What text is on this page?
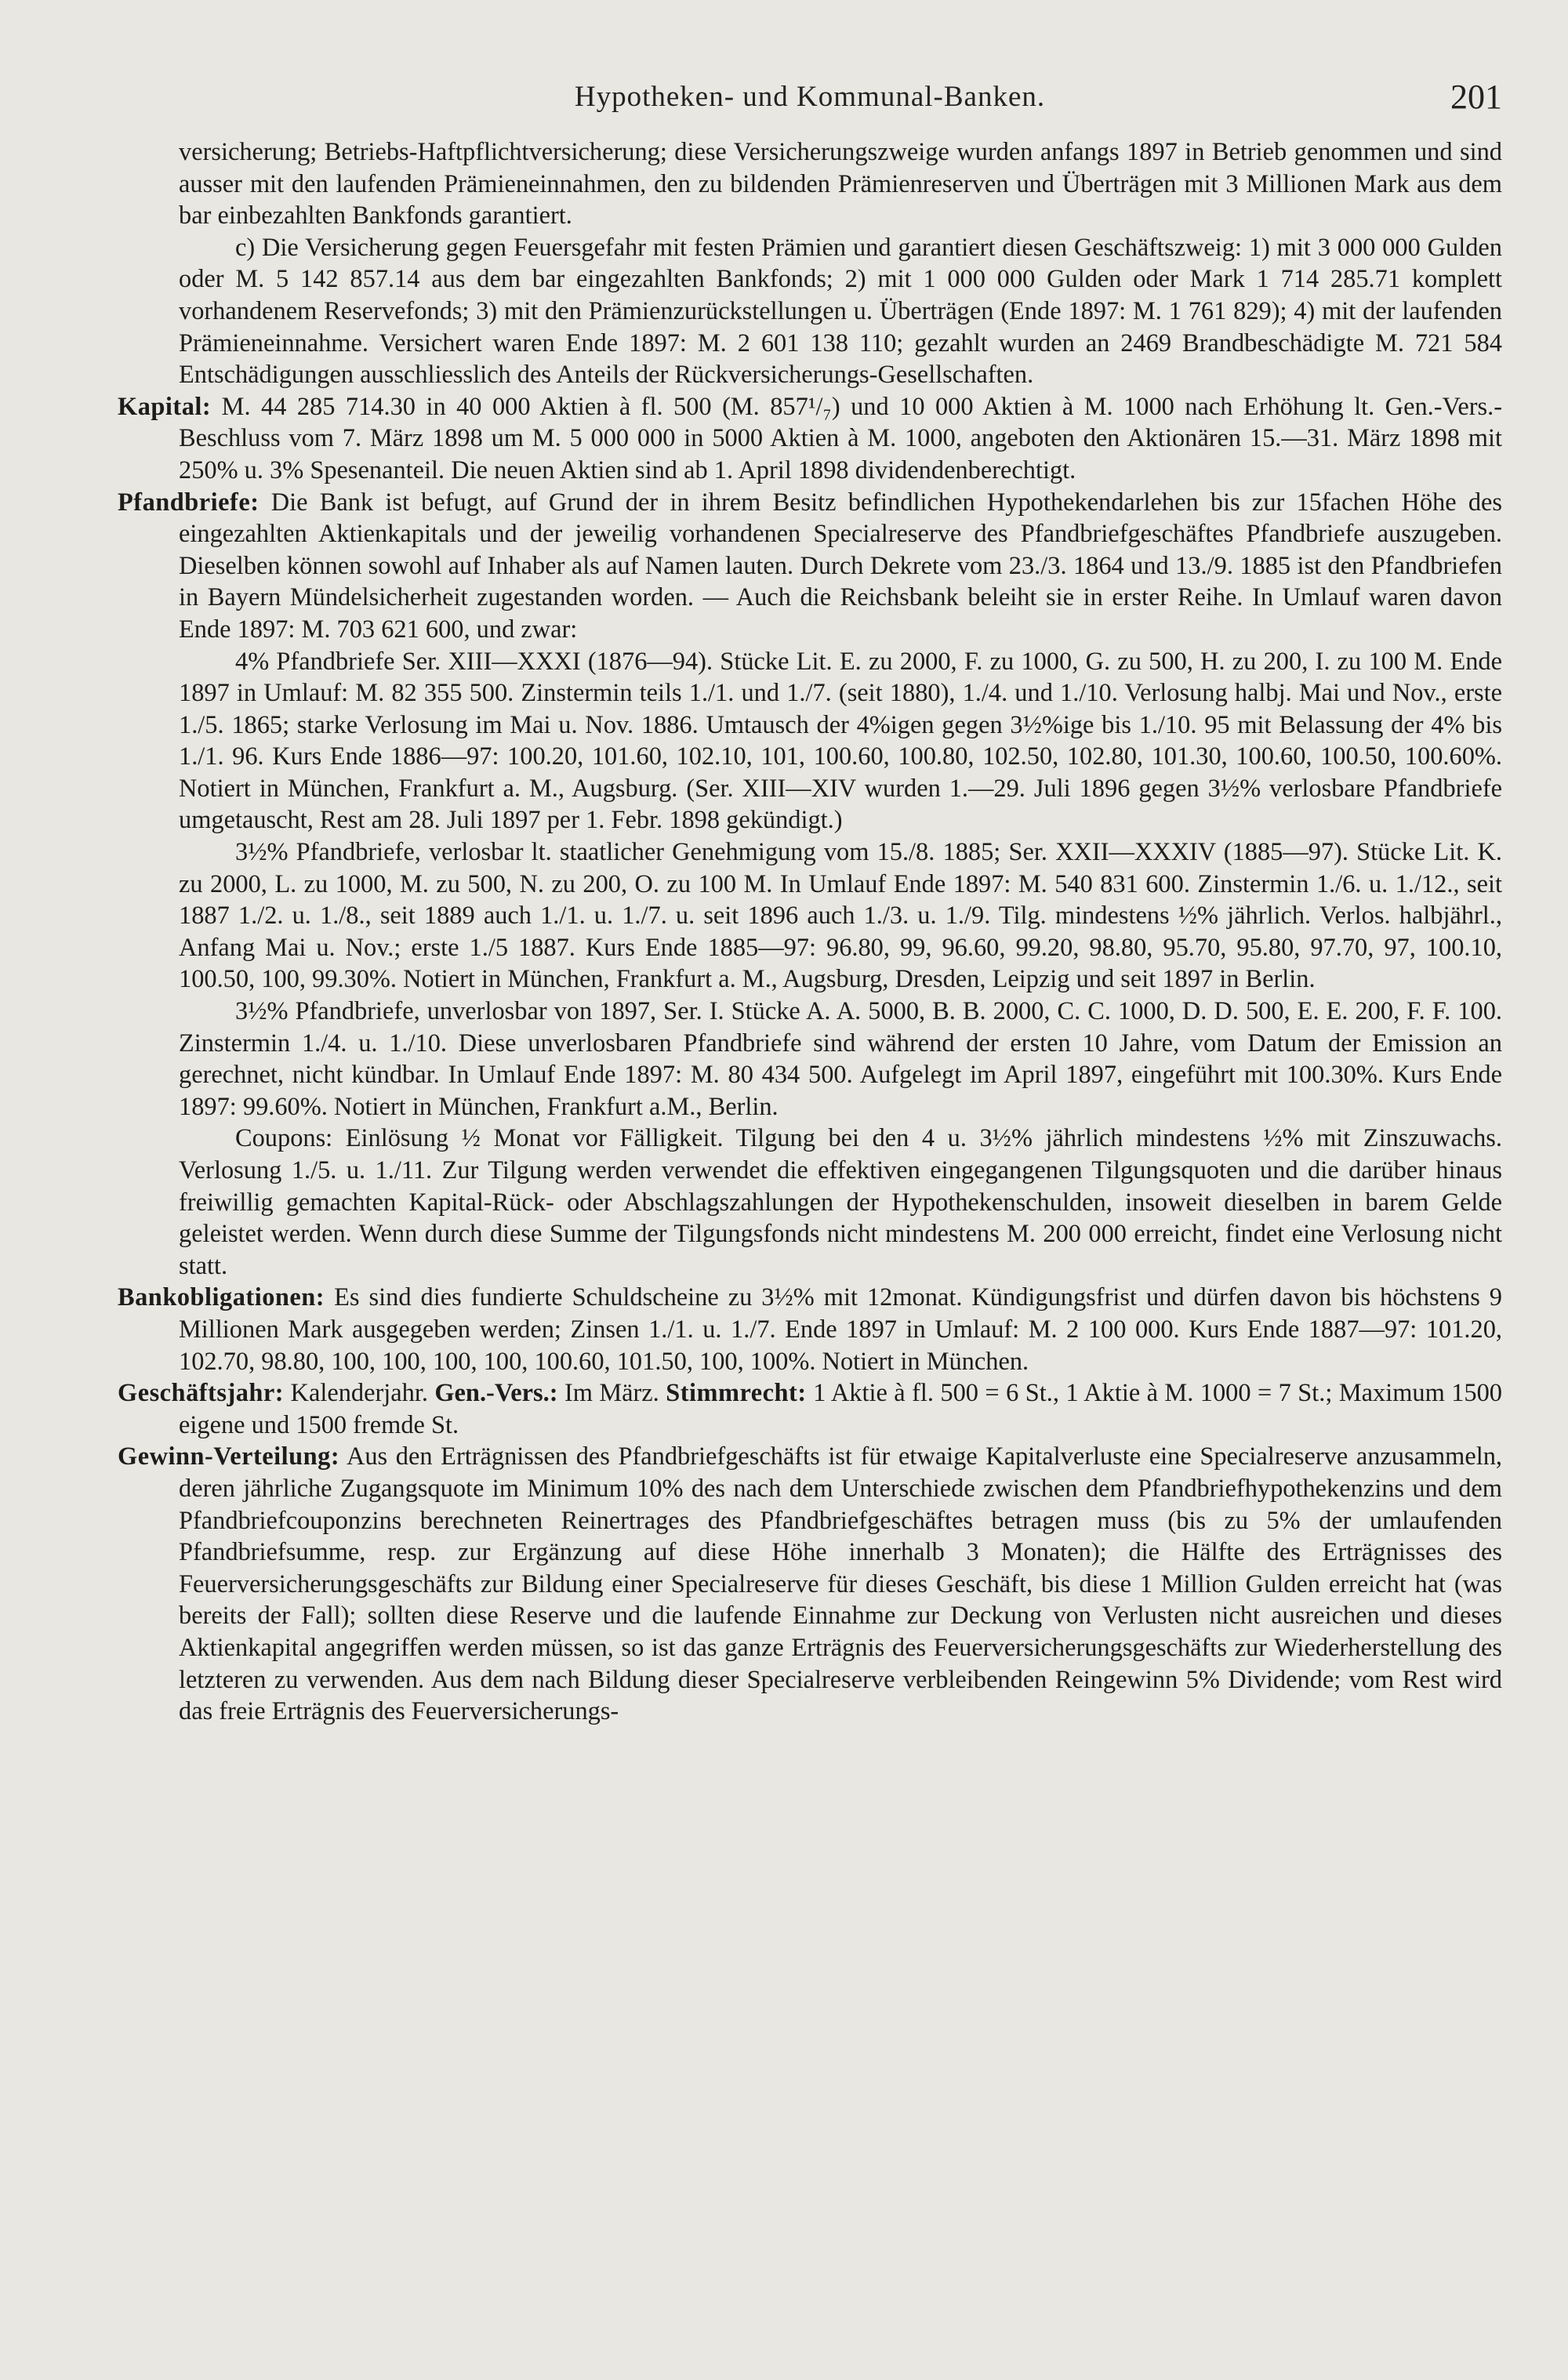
Hypotheken- und Kommunal-Banken.	201

versicherung; Betriebs-Haftpflichtversicherung; diese Versicherungszweige wurden anfangs 1897 in Betrieb genommen und sind ausser mit den laufenden Prämieneinnahmen, den zu bildenden Prämienreserven und Überträgen mit 3 Millionen Mark aus dem bar einbezahlten Bankfonds garantiert.

c) Die Versicherung gegen Feuersgefahr mit festen Prämien und garantiert diesen Geschäftszweig: 1) mit 3 000 000 Gulden oder M. 5 142 857.14 aus dem bar eingezahlten Bankfonds; 2) mit 1 000 000 Gulden oder Mark 1 714 285.71 komplett vorhandenem Reservefonds; 3) mit den Prämienzurückstellungen u. Überträgen (Ende 1897: M. 1 761 829); 4) mit der laufenden Prämieneinnahme. Versichert waren Ende 1897: M. 2 601 138 110; gezahlt wurden an 2469 Brandbeschädigte M. 721 584 Entschädigungen ausschliesslich des Anteils der Rückversicherungs-Gesellschaften.

Kapital: M. 44 285 714.30 in 40 000 Aktien à fl. 500 (M. 857¹/₇) und 10 000 Aktien à M. 1000 nach Erhöhung lt. Gen.-Vers.-Beschluss vom 7. März 1898 um M. 5 000 000 in 5000 Aktien à M. 1000, angeboten den Aktionären 15.—31. März 1898 mit 250% u. 3% Spesenanteil. Die neuen Aktien sind ab 1. April 1898 dividendenberechtigt.

Pfandbriefe: Die Bank ist befugt, auf Grund der in ihrem Besitz befindlichen Hypothekendarlehen bis zur 15fachen Höhe des eingezahlten Aktienkapitals und der jeweilig vorhandenen Specialreserve des Pfandbriefgeschäftes Pfandbriefe auszugeben. Dieselben können sowohl auf Inhaber als auf Namen lauten. Durch Dekrete vom 23./3. 1864 und 13./9. 1885 ist den Pfandbriefen in Bayern Mündelsicherheit zugestanden worden. — Auch die Reichsbank beleiht sie in erster Reihe. In Umlauf waren davon Ende 1897: M. 703 621 600, und zwar:

4% Pfandbriefe Ser. XIII—XXXI (1876—94). Stücke Lit. E. zu 2000, F. zu 1000, G. zu 500, H. zu 200, I. zu 100 M. Ende 1897 in Umlauf: M. 82 355 500. Zinstermin teils 1./1. und 1./7. (seit 1880), 1./4. und 1./10. Verlosung halbj. Mai und Nov., erste 1./5. 1865; starke Verlosung im Mai u. Nov. 1886. Umtausch der 4%igen gegen 3½%ige bis 1./10. 95 mit Belassung der 4% bis 1./1. 96. Kurs Ende 1886—97: 100.20, 101.60, 102.10, 101, 100.60, 100.80, 102.50, 102.80, 101.30, 100.60, 100.50, 100.60%. Notiert in München, Frankfurt a. M., Augsburg. (Ser. XIII—XIV wurden 1.—29. Juli 1896 gegen 3½% verlosbare Pfandbriefe umgetauscht, Rest am 28. Juli 1897 per 1. Febr. 1898 gekündigt.)

3½% Pfandbriefe, verlosbar lt. staatlicher Genehmigung vom 15./8. 1885; Ser. XXII—XXXIV (1885—97). Stücke Lit. K. zu 2000, L. zu 1000, M. zu 500, N. zu 200, O. zu 100 M. In Umlauf Ende 1897: M. 540 831 600. Zinstermin 1./6. u. 1./12., seit 1887 1./2. u. 1./8., seit 1889 auch 1./1. u. 1./7. u. seit 1896 auch 1./3. u. 1./9. Tilg. mindestens ½% jährlich. Verlos. halbjährl., Anfang Mai u. Nov.; erste 1./5 1887. Kurs Ende 1885—97: 96.80, 99, 96.60, 99.20, 98.80, 95.70, 95.80, 97.70, 97, 100.10, 100.50, 100, 99.30%. Notiert in München, Frankfurt a. M., Augsburg, Dresden, Leipzig und seit 1897 in Berlin.

3½% Pfandbriefe, unverlosbar von 1897, Ser. I. Stücke A. A. 5000, B. B. 2000, C. C. 1000, D. D. 500, E. E. 200, F. F. 100. Zinstermin 1./4. u. 1./10. Diese unverlosbaren Pfandbriefe sind während der ersten 10 Jahre, vom Datum der Emission an gerechnet, nicht kündbar. In Umlauf Ende 1897: M. 80 434 500. Aufgelegt im April 1897, eingeführt mit 100.30%. Kurs Ende 1897: 99.60%. Notiert in München, Frankfurt a.M., Berlin.

Coupons: Einlösung ½ Monat vor Fälligkeit. Tilgung bei den 4 u. 3½% jährlich mindestens ½% mit Zinszuwachs. Verlosung 1./5. u. 1./11. Zur Tilgung werden verwendet die effektiven eingegangenen Tilgungsquoten und die darüber hinaus freiwillig gemachten Kapital-Rück- oder Abschlagszahlungen der Hypothekenschulden, insoweit dieselben in barem Gelde geleistet werden. Wenn durch diese Summe der Tilgungsfonds nicht mindestens M. 200 000 erreicht, findet eine Verlosung nicht statt.

Bankobligationen: Es sind dies fundierte Schuldscheine zu 3½% mit 12monat. Kündigungsfrist und dürfen davon bis höchstens 9 Millionen Mark ausgegeben werden; Zinsen 1./1. u. 1./7. Ende 1897 in Umlauf: M. 2 100 000. Kurs Ende 1887—97: 101.20, 102.70, 98.80, 100, 100, 100, 100, 100.60, 101.50, 100, 100%. Notiert in München.

Geschäftsjahr: Kalenderjahr. Gen.-Vers.: Im März. Stimmrecht: 1 Aktie à fl. 500 = 6 St., 1 Aktie à M. 1000 = 7 St.; Maximum 1500 eigene und 1500 fremde St.

Gewinn-Verteilung: Aus den Erträgnissen des Pfandbriefgeschäfts ist für etwaige Kapitalverluste eine Specialreserve anzusammeln, deren jährliche Zugangsquote im Minimum 10% des nach dem Unterschiede zwischen dem Pfandbriefhypothekenzins und dem Pfandbriefcouponzins berechneten Reinertrages des Pfandbriefgeschäftes betragen muss (bis zu 5% der umlaufenden Pfandbriefsumme, resp. zur Ergänzung auf diese Höhe innerhalb 3 Monaten); die Hälfte des Erträgnisses des Feuerversicherungsgeschäfts zur Bildung einer Specialreserve für dieses Geschäft, bis diese 1 Million Gulden erreicht hat (was bereits der Fall); sollten diese Reserve und die laufende Einnahme zur Deckung von Verlusten nicht ausreichen und dieses Aktienkapital angegriffen werden müssen, so ist das ganze Erträgnis des Feuerversicherungsgeschäfts zur Wiederherstellung des letzteren zu verwenden. Aus dem nach Bildung dieser Specialreserve verbleibenden Reingewinn 5% Dividende; vom Rest wird das freie Erträgnis des Feuerversicherungs-
